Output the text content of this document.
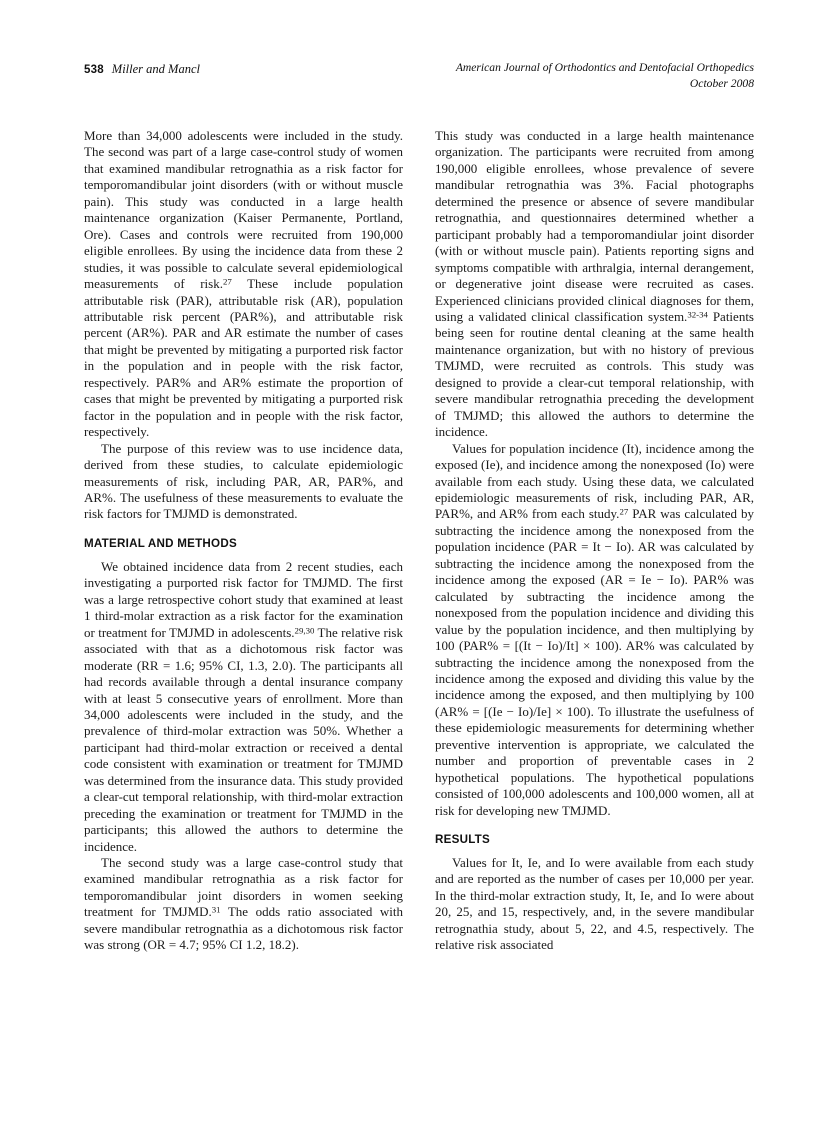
538 Miller and Mancl	American Journal of Orthodontics and Dentofacial Orthopedics
October 2008

More than 34,000 adolescents were included in the study. The second was part of a large case-control study of women that examined mandibular retrognathia as a risk factor for temporomandibular joint disorders (with or without muscle pain). This study was conducted in a large health maintenance organization (Kaiser Permanente, Portland, Ore). Cases and controls were recruited from 190,000 eligible enrollees. By using the incidence data from these 2 studies, it was possible to calculate several epidemiological measurements of risk.$^{27}$ These include population attributable risk (PAR), attributable risk (AR), population attributable risk percent (PAR%), and attributable risk percent (AR%). PAR and AR estimate the number of cases that might be prevented by mitigating a purported risk factor in the population and in people with the risk factor, respectively. PAR% and AR% estimate the proportion of cases that might be prevented by mitigating a purported risk factor in the population and in people with the risk factor, respectively.

The purpose of this review was to use incidence data, derived from these studies, to calculate epidemiologic measurements of risk, including PAR, AR, PAR%, and AR%. The usefulness of these measurements to evaluate the risk factors for TMJMD is demonstrated.

MATERIAL AND METHODS

We obtained incidence data from 2 recent studies, each investigating a purported risk factor for TMJMD. The first was a large retrospective cohort study that examined at least 1 third-molar extraction as a risk factor for the examination or treatment for TMJMD in adolescents.$^{29,30}$ The relative risk associated with that as a dichotomous risk factor was moderate (RR = 1.6; 95% CI, 1.3, 2.0). The participants all had records available through a dental insurance company with at least 5 consecutive years of enrollment. More than 34,000 adolescents were included in the study, and the prevalence of third-molar extraction was 50%. Whether a participant had third-molar extraction or received a dental code consistent with examination or treatment for TMJMD was determined from the insurance data. This study provided a clear-cut temporal relationship, with third-molar extraction preceding the examination or treatment for TMJMD in the participants; this allowed the authors to determine the incidence.

The second study was a large case-control study that examined mandibular retrognathia as a risk factor for temporomandibular joint disorders in women seeking treatment for TMJMD.$^{31}$ The odds ratio associated with severe mandibular retrognathia as a dichotomous risk factor was strong (OR = 4.7; 95% CI 1.2, 18.2).

This study was conducted in a large health maintenance organization. The participants were recruited from among 190,000 eligible enrollees, whose prevalence of severe mandibular retrognathia was 3%. Facial photographs determined the presence or absence of severe mandibular retrognathia, and questionnaires determined whether a participant probably had a temporomandiular joint disorder (with or without muscle pain). Patients reporting signs and symptoms compatible with arthralgia, internal derangement, or degenerative joint disease were recruited as cases. Experienced clinicians provided clinical diagnoses for them, using a validated clinical classification system.$^{32-34}$ Patients being seen for routine dental cleaning at the same health maintenance organization, but with no history of previous TMJMD, were recruited as controls. This study was designed to provide a clear-cut temporal relationship, with severe mandibular retrognathia preceding the development of TMJMD; this allowed the authors to determine the incidence.

Values for population incidence (It), incidence among the exposed (Ie), and incidence among the nonexposed (Io) were available from each study. Using these data, we calculated epidemiologic measurements of risk, including PAR, AR, PAR%, and AR% from each study.$^{27}$ PAR was calculated by subtracting the incidence among the nonexposed from the population incidence (PAR = It − Io). AR was calculated by subtracting the incidence among the nonexposed from the incidence among the exposed (AR = Ie − Io). PAR% was calculated by subtracting the incidence among the nonexposed from the population incidence and dividing this value by the population incidence, and then multiplying by 100 (PAR% = [(It − Io)/It] × 100). AR% was calculated by subtracting the incidence among the nonexposed from the incidence among the exposed and dividing this value by the incidence among the exposed, and then multiplying by 100 (AR% = [(Ie − Io)/Ie] × 100). To illustrate the usefulness of these epidemiologic measurements for determining whether preventive intervention is appropriate, we calculated the number and proportion of preventable cases in 2 hypothetical populations. The hypothetical populations consisted of 100,000 adolescents and 100,000 women, all at risk for developing new TMJMD.

RESULTS

Values for It, Ie, and Io were available from each study and are reported as the number of cases per 10,000 per year. In the third-molar extraction study, It, Ie, and Io were about 20, 25, and 15, respectively, and, in the severe mandibular retrognathia study, about 5, 22, and 4.5, respectively. The relative risk associated
